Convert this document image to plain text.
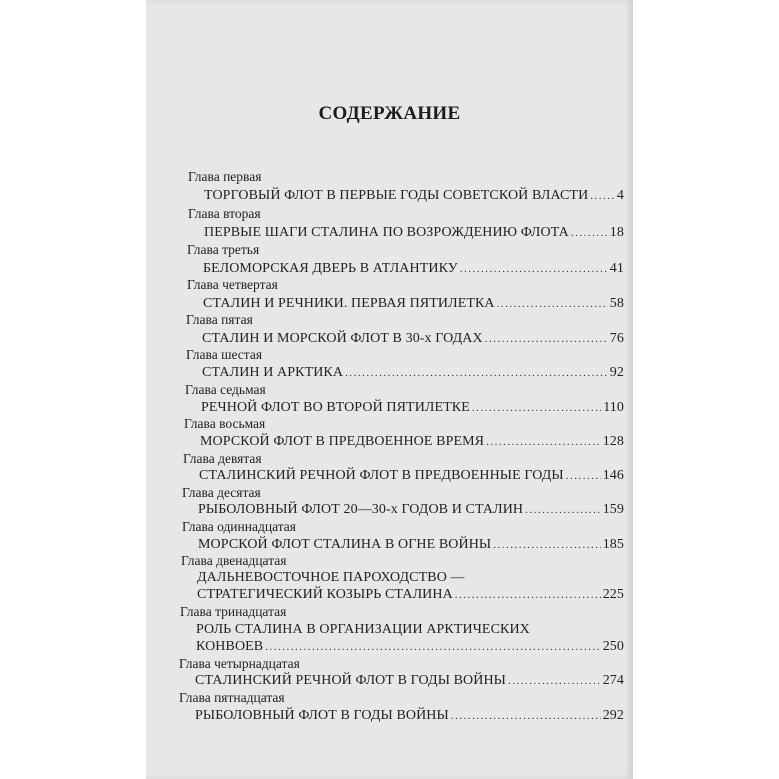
СОДЕРЖАНИЕ
Глава первая
ТОРГОВЫЙ ФЛОТ В ПЕРВЫЕ ГОДЫ СОВЕТСКОЙ ВЛАСТИ ..... 4
Глава вторая
ПЕРВЫЕ ШАГИ СТАЛИНА ПО ВОЗРОЖДЕНИЮ ФЛОТА .....	18
Глава третья
БЕЛОМОРСКАЯ ДВЕРЬ В АТЛАНТИКУ .....	41
Глава четвертая
СТАЛИН И РЕЧНИКИ. ПЕРВАЯ ПЯТИЛЕТКА .....	58
Глава пятая
СТАЛИН И МОРСКОЙ ФЛОТ В 30-х ГОДАХ .....	76
Глава шестая
СТАЛИН И АРКТИКА .....	92
Глава седьмая
РЕЧНОЙ ФЛОТ ВО ВТОРОЙ ПЯТИЛЕТКЕ .....	110
Глава восьмая
МОРСКОЙ ФЛОТ В ПРЕДВОЕННОЕ ВРЕМЯ .....	128
Глава девятая
СТАЛИНСКИЙ РЕЧНОЙ ФЛОТ В ПРЕДВОЕННЫЕ ГОДЫ .....	146
Глава десятая
РЫБОЛОВНЫЙ ФЛОТ 20—30-х ГОДОВ И СТАЛИН .....	159
Глава одиннадцатая
МОРСКОЙ ФЛОТ СТАЛИНА В ОГНЕ ВОЙНЫ .....	185
Глава двенадцатая
ДАЛЬНЕВОСТОЧНОЕ ПАРОХОДСТВО —
СТРАТЕГИЧЕСКИЙ КОЗЫРЬ СТАЛИНА .....	225
Глава тринадцатая
РОЛЬ СТАЛИНА В ОРГАНИЗАЦИИ АРКТИЧЕСКИХ
КОНВОЕВ .....	250
Глава четырнадцатая
СТАЛИНСКИЙ РЕЧНОЙ ФЛОТ В ГОДЫ ВОЙНЫ .....	274
Глава пятнадцатая
РЫБОЛОВНЫЙ ФЛОТ В ГОДЫ ВОЙНЫ .....	292
